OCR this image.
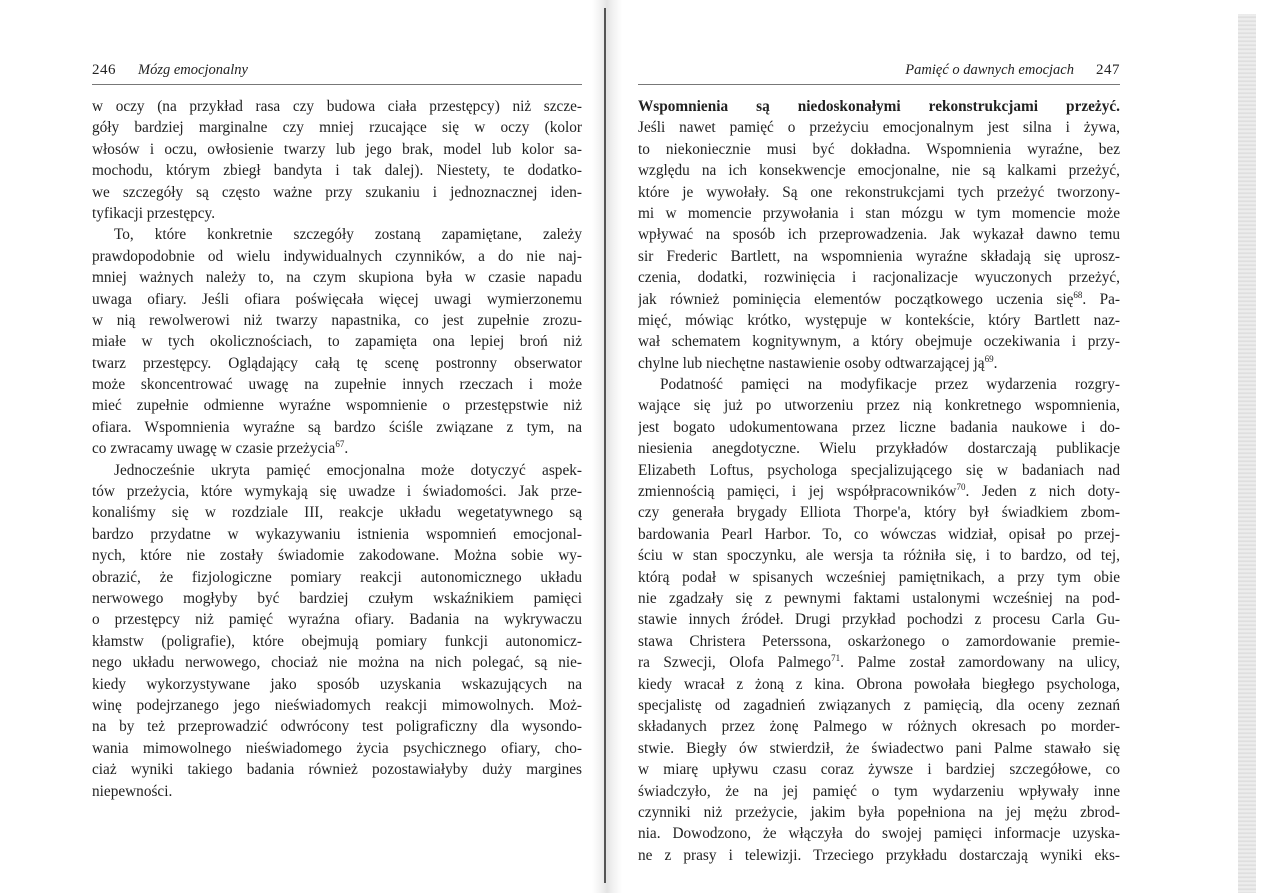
246 Mózg emocjonalny
w oczy (na przykład rasa czy budowa ciała przestępcy) niż szcze-
góły bardziej marginalne czy mniej rzucające się w oczy (kolor
włosów i oczu, owłosienie twarzy lub jego brak, model lub kolor sa-
mochodu, którym zbiegł bandyta i tak dalej). Niestety, te dodatko-
we szczegóły są często ważne przy szukaniu i jednoznacznej iden-
tyfikacji przestępcy.
To, które konkretnie szczegóły zostaną zapamiętane, zależy
prawdopodobnie od wielu indywidualnych czynników, a do nie naj-
mniej ważnych należy to, na czym skupiona była w czasie napadu
uwaga ofiary. Jeśli ofiara poświęcała więcej uwagi wymierzonemu
w nią rewolwerowi niż twarzy napastnika, co jest zupełnie zrozu-
miałe w tych okolicznościach, to zapamięta ona lepiej broń niż
twarz przestępcy. Oglądający całą tę scenę postronny obserwator
może skoncentrować uwagę na zupełnie innych rzeczach i może
mieć zupełnie odmienne wyraźne wspomnienie o przestępstwie niż
ofiara. Wspomnienia wyraźne są bardzo ściśle związane z tym, na
co zwracamy uwagę w czasie przeżycia$^{67}$.
Jednocześnie ukryta pamięć emocjonalna może dotyczyć aspek-
tów przeżycia, które wymykają się uwadze i świadomości. Jak prze-
konaliśmy się w rozdziale III, reakcje układu wegetatywnego są
bardzo przydatne w wykazywaniu istnienia wspomnień emocjonal-
nych, które nie zostały świadomie zakodowane. Można sobie wy-
obrazić, że fizjologiczne pomiary reakcji autonomicznego układu
nerwowego mogłyby być bardziej czułym wskaźnikiem pamięci
o przestępcy niż pamięć wyraźna ofiary. Badania na wykrywaczu
kłamstw (poligrafie), które obejmują pomiary funkcji autonomicz-
nego układu nerwowego, chociaż nie można na nich polegać, są nie-
kiedy wykorzystywane jako sposób uzyskania wskazujących na
winę podejrzanego jego nieświadomych reakcji mimowolnych. Moż-
na by też przeprowadzić odwrócony test poligraficzny dla wysondo-
wania mimowolnego nieświadomego życia psychicznego ofiary, cho-
ciaż wyniki takiego badania również pozostawiałyby duży margines
niepewności.
Pamięć o dawnych emocjach 247
Wspomnienia są niedoskonałymi rekonstrukcjami przeżyć.
Jeśli nawet pamięć o przeżyciu emocjonalnym jest silna i żywa,
to niekoniecznie musi być dokładna. Wspomnienia wyraźne, bez
względu na ich konsekwencje emocjonalne, nie są kalkami przeżyć,
które je wywołały. Są one rekonstrukcjami tych przeżyć tworzony-
mi w momencie przywołania i stan mózgu w tym momencie może
wpływać na sposób ich przeprowadzenia. Jak wykazał dawno temu
sir Frederic Bartlett, na wspomnienia wyraźne składają się uprosz-
czenia, dodatki, rozwinięcia i racjonalizacje wyuczonych przeżyć,
jak również pominięcia elementów początkowego uczenia się$^{68}$. Pa-
mięć, mówiąc krótko, występuje w kontekście, który Bartlett naz-
wał schematem kognitywnym, a który obejmuje oczekiwania i przy-
chylne lub niechętne nastawienie osoby odtwarzającej $ją^{69}$.
Podatność pamięci na modyfikacje przez wydarzenia rozgry-
wające się już po utworzeniu przez nią konkretnego wspomnienia,
jest bogato udokumentowana przez liczne badania naukowe i do-
niesienia anegdotyczne. Wielu przykładów dostarczają publikacje
Elizabeth Loftus, psychologa specjalizującego się w badaniach nad
zmiennością pamięci, i jej współpracowników$^{70}$. Jeden z nich doty-
czy generała brygady Elliota Thorpe'a, który był świadkiem zbom-
bardowania Pearl Harbor. To, co wówczas widział, opisał po przej-
ściu w stan spoczynku, ale wersja ta różniła się, i to bardzo, od tej,
którą podał w spisanych wcześniej pamiętnikach, a przy tym obie
nie zgadzały się z pewnymi faktami ustalonymi wcześniej na pod-
stawie innych źródeł. Drugi przykład pochodzi z procesu Carla Gu-
stawa Christera Peterssona, oskarżonego o zamordowanie premie-
ra Szwecji, Olofa Palmego$^{71}$. Palme został zamordowany na ulicy,
kiedy wracał z żoną z kina. Obrona powołała biegłego psychologa,
specjalistę od zagadnień związanych z pamięcią, dla oceny zeznań
składanych przez żonę Palmego w różnych okresach po morder-
stwie. Biegły ów stwierdził, że świadectwo pani Palme stawało się
w miarę upływu czasu coraz żywsze i bardziej szczegółowe, co
świadczyło, że na jej pamięć o tym wydarzeniu wpływały inne
czynniki niż przeżycie, jakim była popełniona na jej mężu zbrod-
nia. Dowodzono, że włączyła do swojej pamięci informacje uzyska-
ne z prasy i telewizji. Trzeciego przykładu dostarczają wyniki eks-
